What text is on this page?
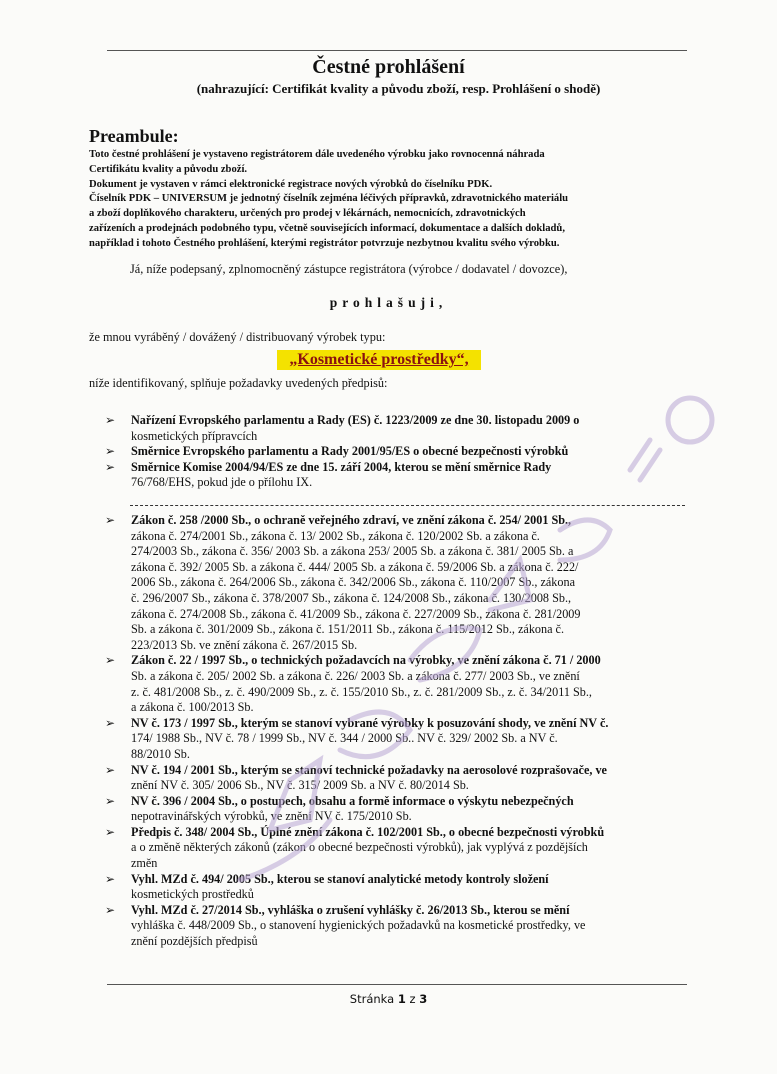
Čestné prohlášení
(nahrazující: Certifikát kvality a původu zboží, resp. Prohlášení o shodě)
Preambule:
Toto čestné prohlášení je vystaveno registrátorem dále uvedeného výrobku jako rovnocenná náhrada
Certifikátu kvality a původu zboží.
Dokument je vystaven v rámci elektronické registrace nových výrobků do číselníku PDK.
Číselník PDK – UNIVERSUM je jednotný číselník zejména léčivých přípravků, zdravotnického materiálu
a zboží doplňkového charakteru, určených pro prodej v lékárnách, nemocnicích, zdravotnických
zařízeních a prodejnách podobného typu, včetně souvisejících informací, dokumentace a dalších dokladů,
například i tohoto Čestného prohlášení, kterými registrátor potvrzuje nezbytnou kvalitu svého výrobku.
Já, níže podepsaný, zplnomocněný zástupce registrátora (výrobce / dodavatel / dovozce),
prohlašuji,
že mnou vyráběný / dovážený / distribuovaný výrobek typu:
„Kosmetické prostředky“,
níže identifikovaný, splňuje požadavky uvedených předpisů:
➢ Nařízení Evropského parlamentu a Rady (ES) č. 1223/2009 ze dne 30. listopadu 2009 o
kosmetických přípravcích
➢ Směrnice Evropského parlamentu a Rady 2001/95/ES o obecné bezpečnosti výrobků
➢ Směrnice Komise 2004/94/ES ze dne 15. září 2004, kterou se mění směrnice Rady
76/768/EHS, pokud jde o přílohu IX.
➢ Zákon č. 258 /2000 Sb., o ochraně veřejného zdraví, ve znění zákona č. 254/ 2001 Sb.,
zákona č. 274/2001 Sb., zákona č. 13/ 2002 Sb., zákona č. 120/2002 Sb. a zákona č.
274/2003 Sb., zákona č. 356/ 2003 Sb. a zákona 253/ 2005 Sb. a zákona č. 381/ 2005 Sb. a
zákona č. 392/ 2005 Sb. a zákona č. 444/ 2005 Sb. a zákona č. 59/2006 Sb. a zákona č. 222/
2006 Sb., zákona č. 264/2006 Sb., zákona č. 342/2006 Sb., zákona č. 110/2007 Sb., zákona
č. 296/2007 Sb., zákona č. 378/2007 Sb., zákona č. 124/2008 Sb., zákona č. 130/2008 Sb.,
zákona č. 274/2008 Sb., zákona č. 41/2009 Sb., zákona č. 227/2009 Sb., zákona č. 281/2009
Sb. a zákona č. 301/2009 Sb., zákona č. 151/2011 Sb., zákona č. 115/2012 Sb., zákona č.
223/2013 Sb. ve znění zákona č. 267/2015 Sb.
➢ Zákon č. 22 / 1997 Sb., o technických požadavcích na výrobky, ve znění zákona č. 71 / 2000
Sb. a zákona č. 205/ 2002 Sb. a zákona č. 226/ 2003 Sb. a zákona č. 277/ 2003 Sb., ve znění
z. č. 481/2008 Sb., z. č. 490/2009 Sb., z. č. 155/2010 Sb., z. č. 281/2009 Sb., z. č. 34/2011 Sb.,
a zákona č. 100/2013 Sb.
➢ NV č. 173 / 1997 Sb., kterým se stanoví vybrané výrobky k posuzování shody, ve znění NV č.
174/ 1988 Sb., NV č. 78 / 1999 Sb., NV č. 344 / 2000 Sb.. NV č. 329/ 2002 Sb. a NV č.
88/2010 Sb.
➢ NV č. 194 / 2001 Sb., kterým se stanoví technické požadavky na aerosolové rozprašovače, ve
znění NV č. 305/ 2006 Sb., NV č. 315/ 2009 Sb. a NV č. 80/2014 Sb.
➢ NV č. 396 / 2004 Sb., o postupech, obsahu a formě informace o výskytu nebezpečných
nepotravinářských výrobků, ve znění NV č. 175/2010 Sb.
➢ Předpis č. 348/ 2004 Sb., Úplné znění zákona č. 102/2001 Sb., o obecné bezpečnosti výrobků
a o změně některých zákonů (zákon o obecné bezpečnosti výrobků), jak vyplývá z pozdějších
změn
➢ Vyhl. MZd č. 494/ 2005 Sb., kterou se stanoví analytické metody kontroly složení
kosmetických prostředků
➢ Vyhl. MZd č. 27/2014 Sb., vyhláška o zrušení vyhlášky č. 26/2013 Sb., kterou se mění
vyhláška č. 448/2009 Sb., o stanovení hygienických požadavků na kosmetické prostředky, ve
znění pozdějších předpisů
Stránka 1 z 3
